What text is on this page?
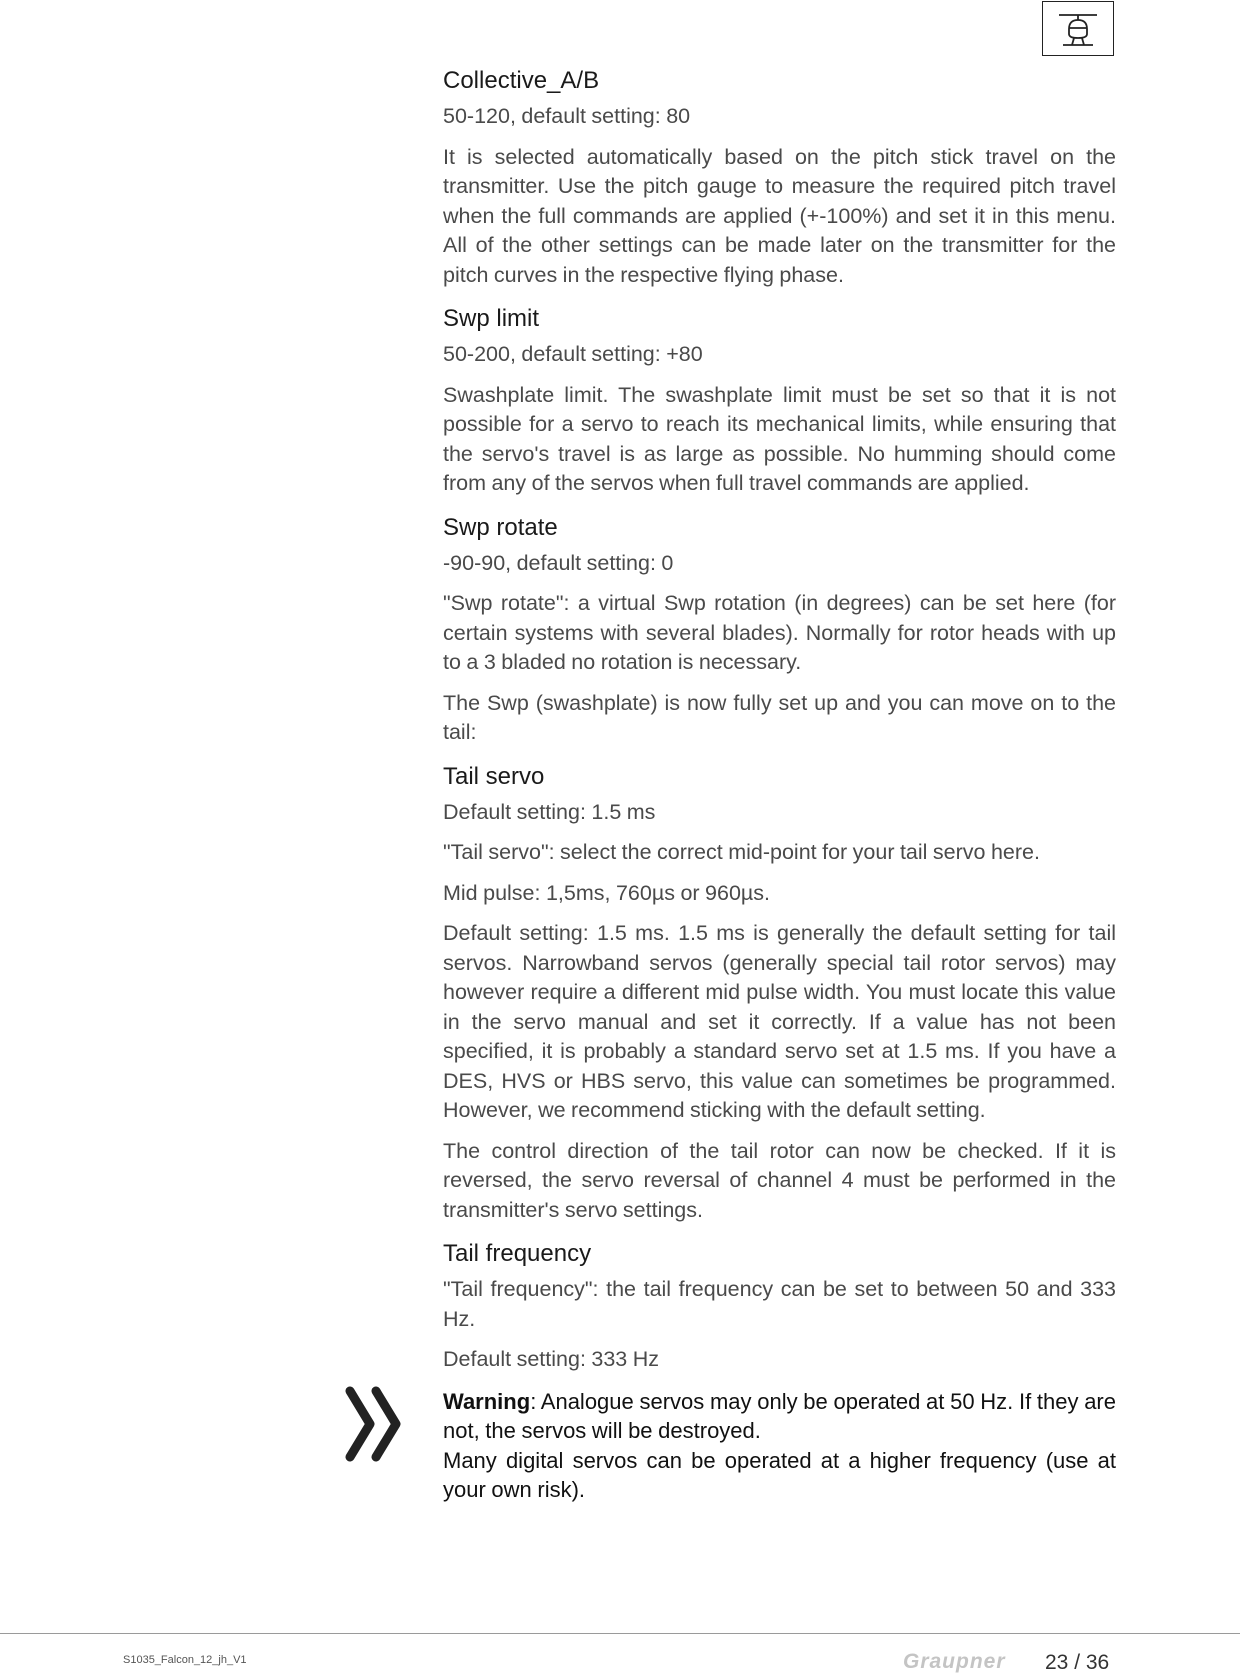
Collective_A/B

50-120, default setting: 80

It is selected automatically based on the pitch stick travel on the transmitter. Use the pitch gauge to measure the required pitch travel when the full commands are applied (+-100%) and set it in this menu. All of the other settings can be made later on the transmitter for the pitch curves in the respective flying phase.

Swp limit

50-200, default setting: +80

Swashplate limit. The swashplate limit must be set so that it is not possible for a servo to reach its mechanical limits, while ensuring that the servo's travel is as large as possible. No humming should come from any of the servos when full travel commands are applied.

Swp rotate

-90-90, default setting: 0

"Swp rotate": a virtual Swp rotation (in degrees) can be set here (for certain systems with several blades). Normally for rotor heads with up to a 3 bladed no rotation is necessary.

The Swp (swashplate) is now fully set up and you can move on to the tail:

Tail servo

Default setting: 1.5 ms

"Tail servo": select the correct mid-point for your tail servo here.

Mid pulse: 1,5ms, 760µs or 960µs.

Default setting: 1.5 ms. 1.5 ms is generally the default setting for tail servos. Narrowband servos (generally special tail rotor servos) may however require a different mid pulse width. You must locate this value in the servo manual and set it correctly. If a value has not been specified, it is probably a standard servo set at 1.5 ms. If you have a DES, HVS or HBS servo, this value can sometimes be programmed. However, we recommend sticking with the default setting.

The control direction of the tail rotor can now be checked. If it is reversed, the servo reversal of channel 4 must be performed in the transmitter's servo settings.

Tail frequency

"Tail frequency": the tail frequency can be set to between 50 and 333 Hz.

Default setting: 333 Hz

Warning: Analogue servos may only be operated at 50 Hz. If they are not, the servos will be destroyed.
Many digital servos can be operated at a higher frequency (use at your own risk).

S1035_Falcon_12_jh_V1	Graupner 23 / 36
